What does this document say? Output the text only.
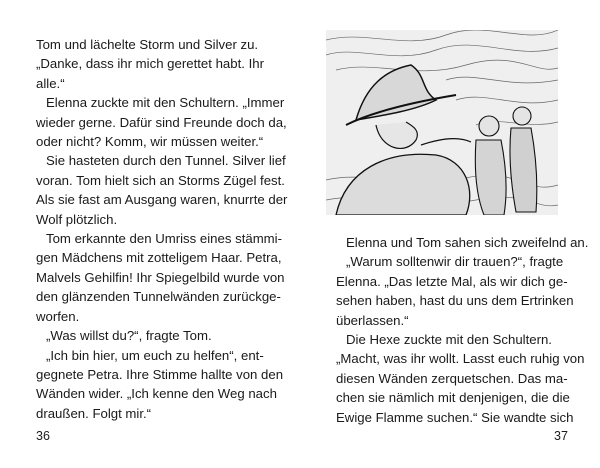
Tom und lächelte Storm und Silver zu.
„Danke, dass ihr mich gerettet habt. Ihr
alle.“
Elenna zuckte mit den Schultern. „Immer
wieder gerne. Dafür sind Freunde doch da,
oder nicht? Komm, wir müssen weiter.“
Sie hasteten durch den Tunnel. Silver lief
voran. Tom hielt sich an Storms Zügel fest.
Als sie fast am Ausgang waren, knurrte der
Wolf plötzlich.
Tom erkannte den Umriss eines stämmi-
gen Mädchens mit zotteligem Haar. Petra,
Malvels Gehilfin! Ihr Spiegelbild wurde von
den glänzenden Tunnelwänden zurückge-
worfen.
„Was willst du?“, fragte Tom.
„Ich bin hier, um euch zu helfen“, ent-
gegnete Petra. Ihre Stimme hallte von den
Wänden wider. „Ich kenne den Weg nach
draußen. Folgt mir.“
36
Elenna und Tom sahen sich zweifelnd an.
„Warum solltenwir dir trauen?“, fragte
Elenna. „Das letzte Mal, als wir dich ge-
sehen haben, hast du uns dem Ertrinken
überlassen.“
Die Hexe zuckte mit den Schultern.
„Macht, was ihr wollt. Lasst euch ruhig von
diesen Wänden zerquetschen. Das ma-
chen sie nämlich mit denjenigen, die die
Ewige Flamme suchen.“ Sie wandte sich
37
